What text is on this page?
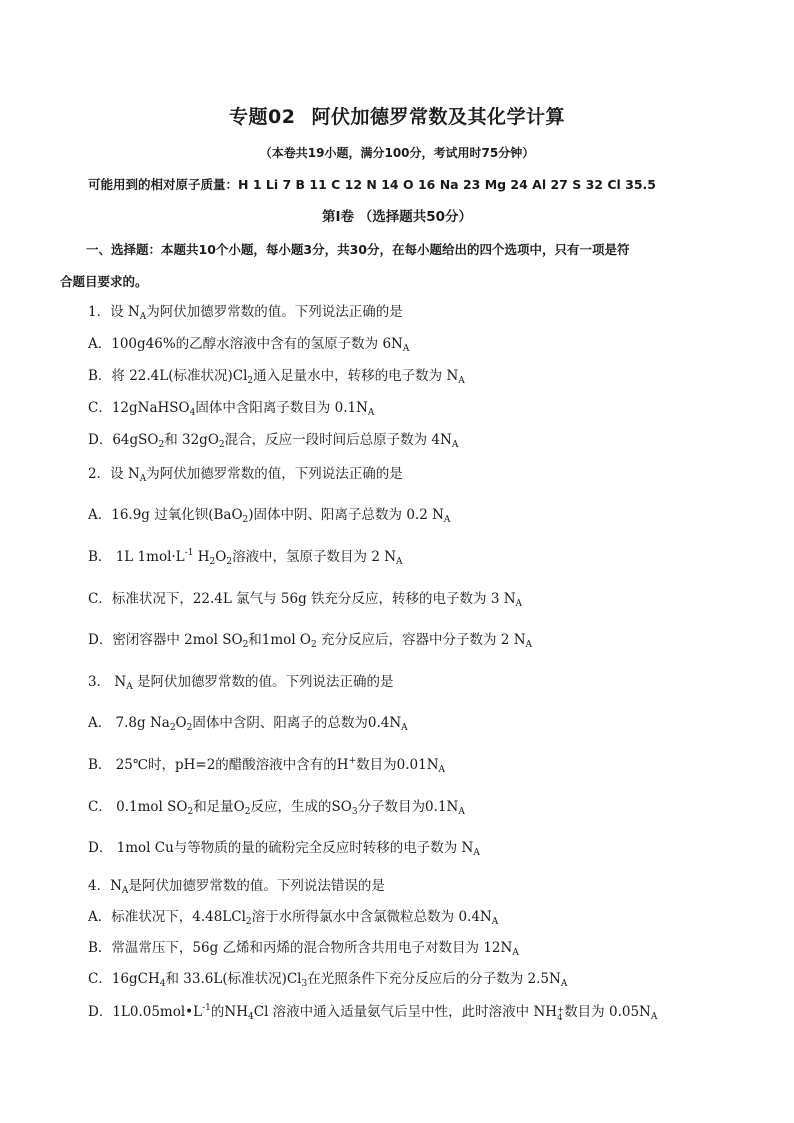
专题02 阿伏加德罗常数及其化学计算
（本卷共19小题，满分100分，考试用时75分钟）
可能用到的相对原子质量：H 1 Li 7 B 11 C 12 N 14 O 16 Na 23 Mg 24 Al 27 S 32 Cl 35.5
第Ⅰ卷 （选择题共50分）
一、选择题：本题共10个小题，每小题3分，共30分，在每小题给出的四个选项中，只有一项是符
合题目要求的。
1．设 $N_A$为阿伏加德罗常数的值。下列说法正确的是
A．100g46%的乙醇水溶液中含有的氢原子数为 $6N_A$
B．将 22.4L(标准状况)$Cl_2$通入足量水中，转移的电子数为 $N_A$
C．12gNaHSO$_4$固体中含阳离子数目为 $0.1N_A$
D．64gSO$_2$和 $32gO_2$混合，反应一段时间后总原子数为 $4N_A$
2．设 $N_A$为阿伏加德罗常数的值，下列说法正确的是
A．16.9g 过氧化钡(BaO$_2$)固体中阴、阳离子总数为 0.2 $N_A$
B． 1L $1mol\cdot L^{-1}$ $H_2O_2$溶液中，氢原子数目为 2 $N_A$
C．标准状况下，22.4L 氯气与 56g 铁充分反应，转移的电子数为 3 $N_A$
D．密闭容器中 2mol $SO_2$和1mol $O_2$ 充分反应后，容器中分子数为 2 $N_A$
3． $N_A$ 是阿伏加德罗常数的值。下列说法正确的是
A． 7.8g $Na_2O_2$固体中含阴、阳离子的总数为$0.4N_A$
B． 25℃时，pH=2的醋酸溶液中含有的H+数目为$0.01N_A$
C． 0.1mol $SO_2$和足量$O_2$反应，生成的$SO_3$分子数目为$0.1N_A$
D． 1mol Cu与等物质的量的硫粉完全反应时转移的电子数为 $N_A$
4．$N_A$是阿伏加德罗常数的值。下列说法错误的是
A．标准状况下，4.48LCl$_2$溶于水所得氯水中含氯微粒总数为 $0.4N_A$
B．常温常压下，56g 乙烯和丙烯的混合物所含共用电子对数目为 $12N_A$
C．16gCH$_4$和 33.6L(标准状况)$Cl_3$在光照条件下充分反应后的分子数为 $2.5N_A$
D．$1L0.05mol•L^{-1}$的$NH_4Cl$ 溶液中通入适量氨气后呈中性，此时溶液中 NH +
4 数目为 $0.05N_A$
